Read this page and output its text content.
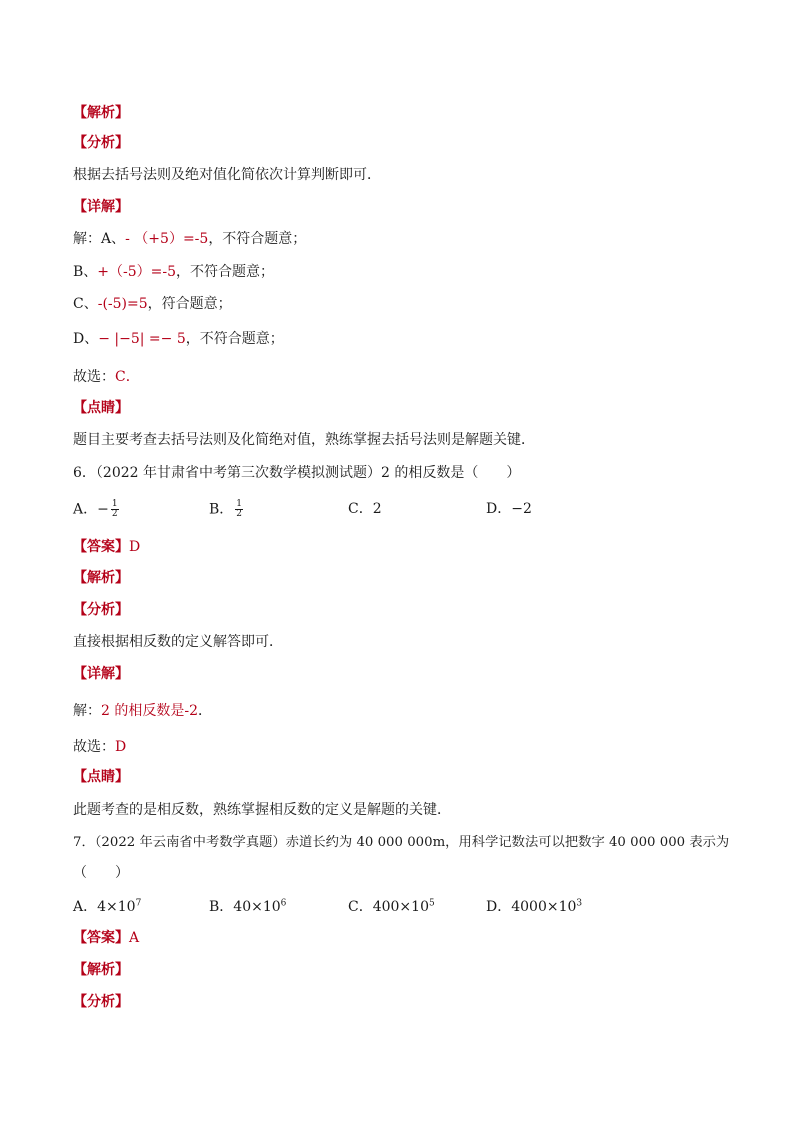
【解析】
【分析】
根据去括号法则及绝对值化简依次计算判断即可．
【详解】
解：A、- （+5）=-5，不符合题意；
B、+（-5）=-5，不符合题意；
C、-(-5)=5，符合题意；
D、− |−5| =− 5，不符合题意；
故选：C．
【点睛】
题目主要考查去括号法则及化简绝对值，熟练掌握去括号法则是解题关键．
6．（2022 年甘肃省中考第三次数学模拟测试题）2 的相反数是（　　）
A．− $\frac{1}{2}$	B． $\frac{1}{2}$	C．2	D．−2
【答案】D
【解析】
【分析】
直接根据相反数的定义解答即可．
【详解】
解：2 的相反数是-2．
故选：D
【点睛】
此题考查的是相反数，熟练掌握相反数的定义是解题的关键．
7．（2022 年云南省中考数学真题）赤道长约为 40 000 000m，用科学记数法可以把数字 40 000 000 表示为
（　　）
A．$4\times 10^7$	B．$40\times 10^6$	C．$400\times 10^5$	D．$4000\times 10^3$
【答案】A
【解析】
【分析】
